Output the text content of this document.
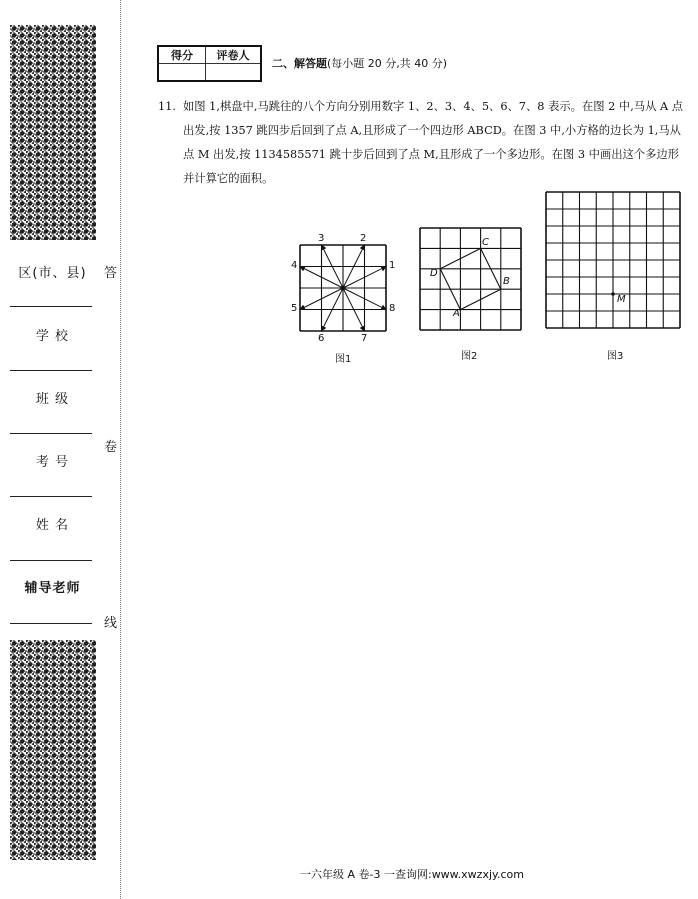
区(市、县)
学 校
班 级
考 号
姓 名
辅导老师
答
卷
线
得分	评卷人

二、解答题(每小题 20 分,共 40 分)
11. 如图 1,棋盘中,马跳往的八个方向分别用数字 1、2、3、4、5、6、7、8 表示。在图 2 中,马从 A 点出发,按 1357 跳四步后回到了点 A,且形成了一个四边形 ABCD。在图 3 中,小方格的边长为 1,马从点 M 出发,按 1134585571 跳十步后回到了点 M,且形成了一个多边形。在图 3 中画出这个多边形并计算它的面积。

1
2
3
4
5
6	7
8
图1
A
B
C
D
图2
M
图3
一六年级 A 卷-3 一查询网:www.xwzxjy.com
